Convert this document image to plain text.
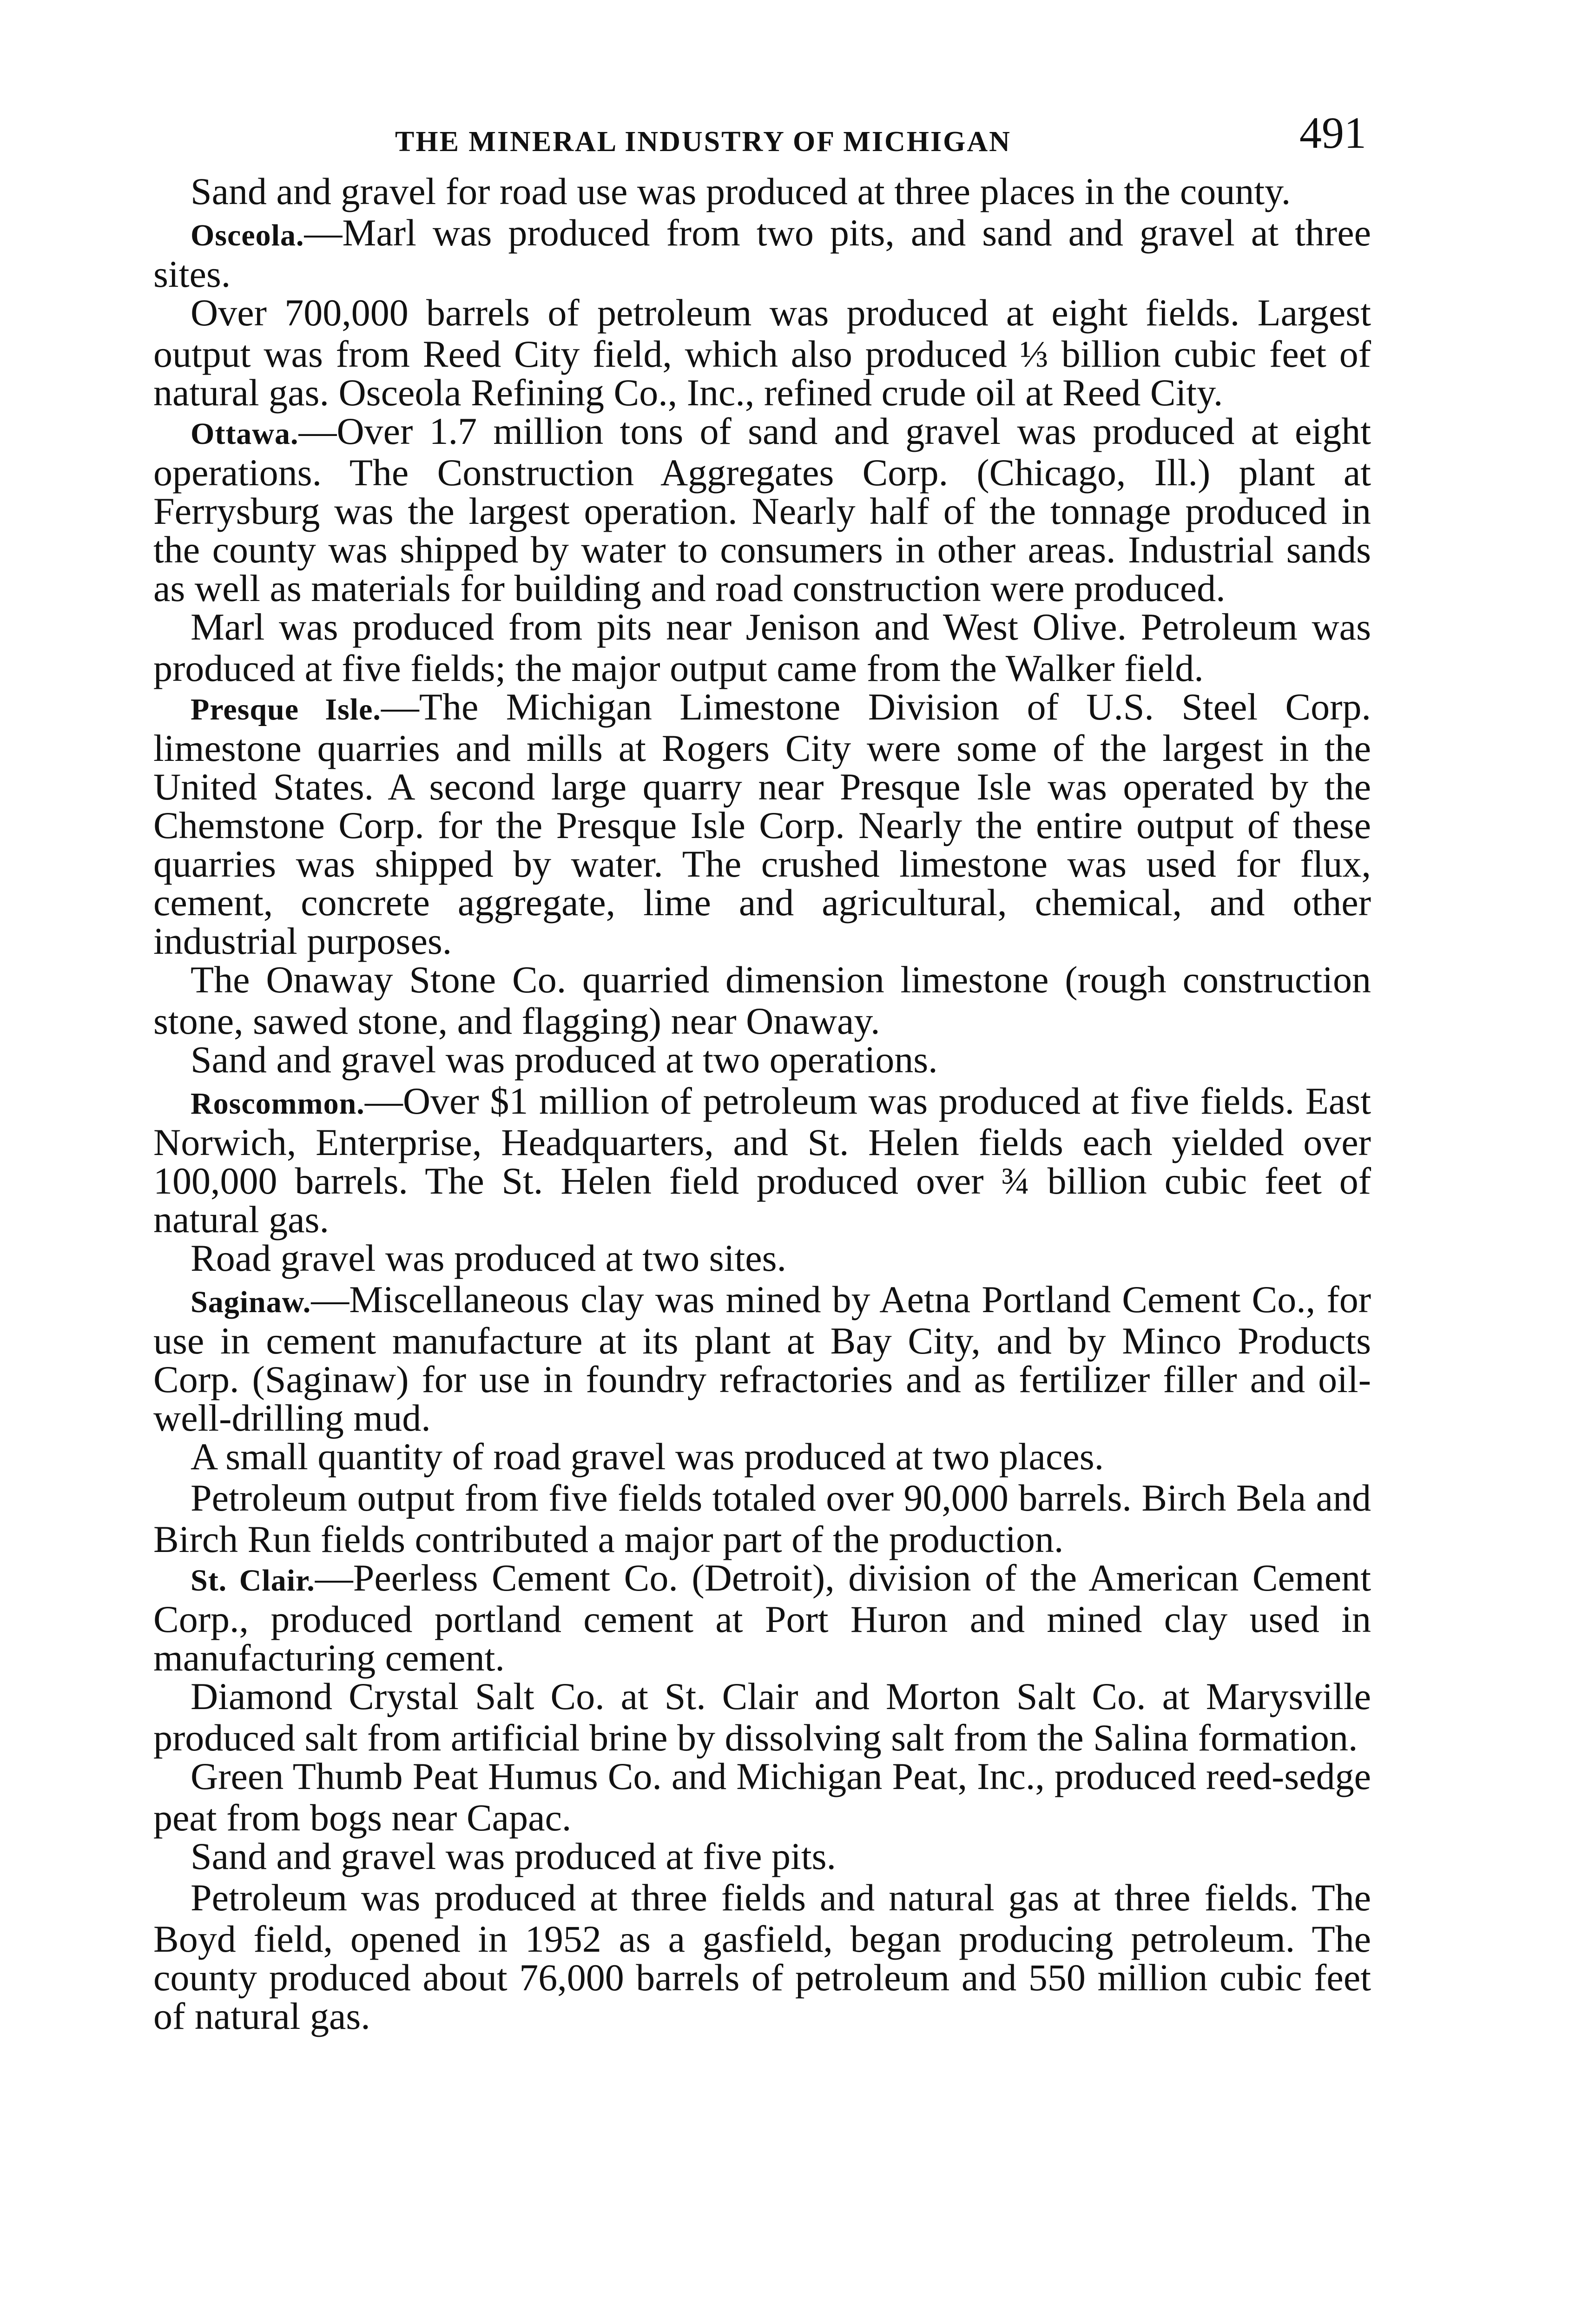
THE MINERAL INDUSTRY OF MICHIGAN	491

Sand and gravel for road use was produced at three places in the county.

Osceola.—Marl was produced from two pits, and sand and gravel at three sites.

Over 700,000 barrels of petroleum was produced at eight fields. Largest output was from Reed City field, which also produced ⅓ billion cubic feet of natural gas. Osceola Refining Co., Inc., refined crude oil at Reed City.

Ottawa.—Over 1.7 million tons of sand and gravel was produced at eight operations. The Construction Aggregates Corp. (Chicago, Ill.) plant at Ferrysburg was the largest operation. Nearly half of the tonnage produced in the county was shipped by water to consumers in other areas. Industrial sands as well as materials for building and road construction were produced.

Marl was produced from pits near Jenison and West Olive. Petroleum was produced at five fields; the major output came from the Walker field.

Presque Isle.—The Michigan Limestone Division of U.S. Steel Corp. limestone quarries and mills at Rogers City were some of the largest in the United States. A second large quarry near Presque Isle was operated by the Chemstone Corp. for the Presque Isle Corp. Nearly the entire output of these quarries was shipped by water. The crushed limestone was used for flux, cement, concrete aggregate, lime and agricultural, chemical, and other industrial purposes.

The Onaway Stone Co. quarried dimension limestone (rough construction stone, sawed stone, and flagging) near Onaway.

Sand and gravel was produced at two operations.

Roscommon.—Over $1 million of petroleum was produced at five fields. East Norwich, Enterprise, Headquarters, and St. Helen fields each yielded over 100,000 barrels. The St. Helen field produced over ¾ billion cubic feet of natural gas.

Road gravel was produced at two sites.

Saginaw.—Miscellaneous clay was mined by Aetna Portland Cement Co., for use in cement manufacture at its plant at Bay City, and by Minco Products Corp. (Saginaw) for use in foundry refractories and as fertilizer filler and oil-well-drilling mud.

A small quantity of road gravel was produced at two places.

Petroleum output from five fields totaled over 90,000 barrels. Birch Bela and Birch Run fields contributed a major part of the production.

St. Clair.—Peerless Cement Co. (Detroit), division of the American Cement Corp., produced portland cement at Port Huron and mined clay used in manufacturing cement.

Diamond Crystal Salt Co. at St. Clair and Morton Salt Co. at Marysville produced salt from artificial brine by dissolving salt from the Salina formation.

Green Thumb Peat Humus Co. and Michigan Peat, Inc., produced reed-sedge peat from bogs near Capac.

Sand and gravel was produced at five pits.

Petroleum was produced at three fields and natural gas at three fields. The Boyd field, opened in 1952 as a gasfield, began producing petroleum. The county produced about 76,000 barrels of petroleum and 550 million cubic feet of natural gas.
